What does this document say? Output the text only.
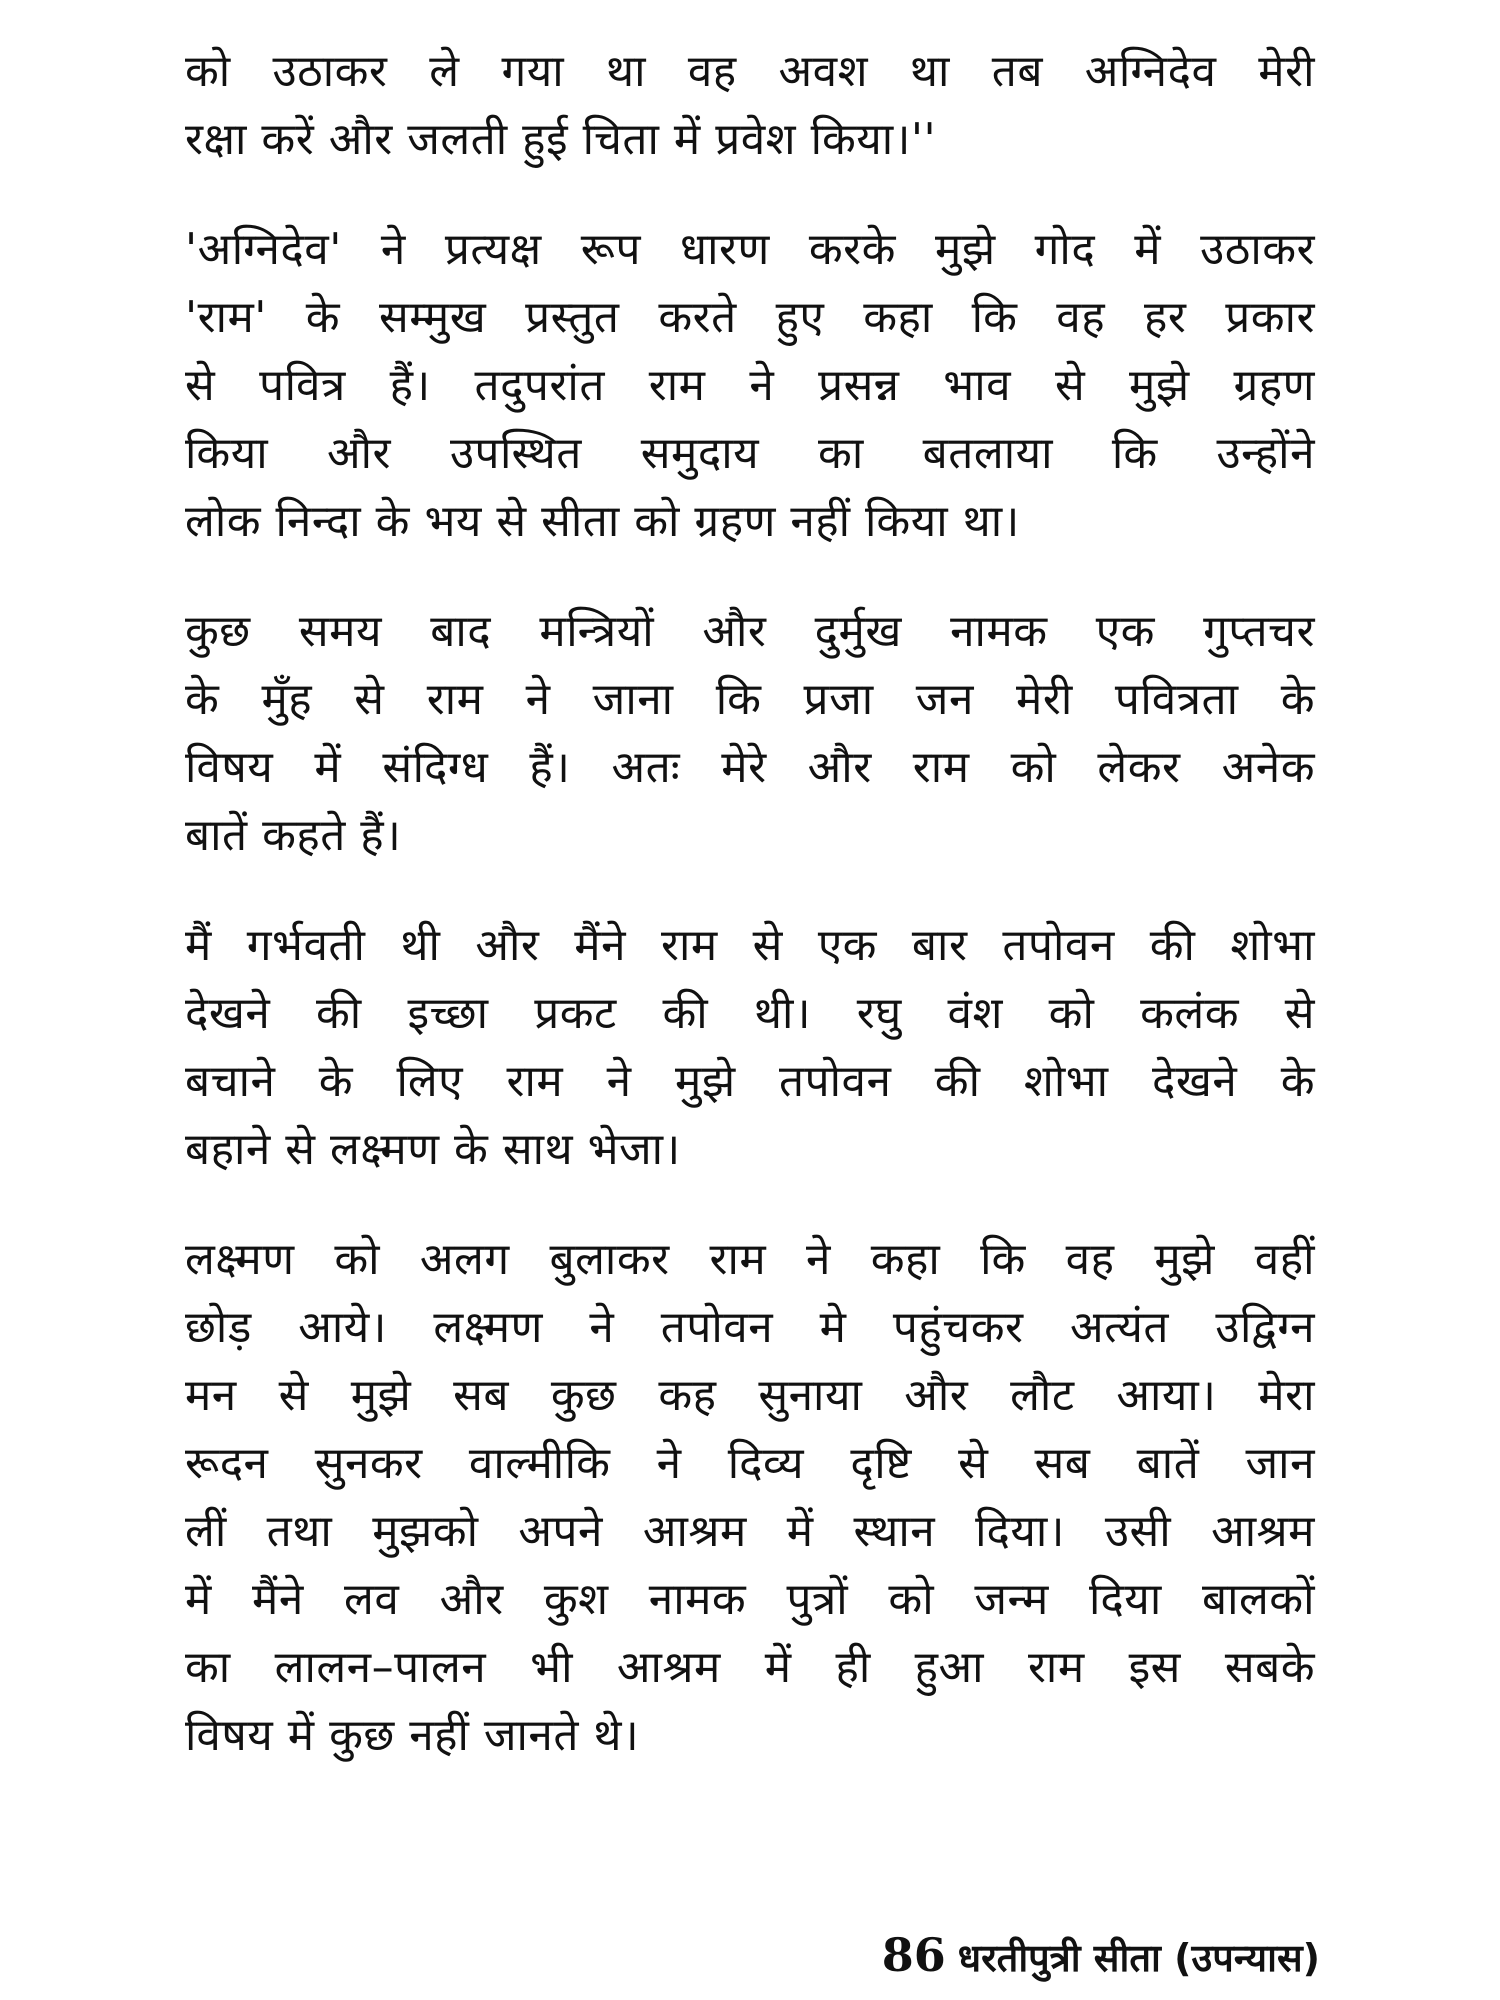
को उठाकर ले गया था वह अवश था तब अग्निदेव मेरी
रक्षा करें और जलती हुई चिता में प्रवेश किया।''

'अग्निदेव' ने प्रत्यक्ष रूप धारण करके मुझे गोद में उठाकर
'राम' के सम्मुख प्रस्तुत करते हुए कहा कि वह हर प्रकार
से पवित्र हैं। तदुपरांत राम ने प्रसन्न भाव से मुझे ग्रहण
किया और उपस्थित समुदाय का बतलाया कि उन्होंने
लोक निन्दा के भय से सीता को ग्रहण नहीं किया था।

कुछ समय बाद मन्त्रियों और दुर्मुख नामक एक गुप्तचर
के मुँह से राम ने जाना कि प्रजा जन मेरी पवित्रता के
विषय में संदिग्ध हैं। अतः मेरे और राम को लेकर अनेक
बातें कहते हैं।

मैं गर्भवती थी और मैंने राम से एक बार तपोवन की शोभा
देखने की इच्छा प्रकट की थी। रघु वंश को कलंक से
बचाने के लिए राम ने मुझे तपोवन की शोभा देखने के
बहाने से लक्ष्मण के साथ भेजा।

लक्ष्मण को अलग बुलाकर राम ने कहा कि वह मुझे वहीं
छोड़ आये। लक्ष्मण ने तपोवन मे पहुंचकर अत्यंत उद्विग्न
मन से मुझे सब कुछ कह सुनाया और लौट आया। मेरा
रूदन सुनकर वाल्मीकि ने दिव्य दृष्टि से सब बातें जान
लीं तथा मुझको अपने आश्रम में स्थान दिया। उसी आश्रम
में मैंने लव और कुश नामक पुत्रों को जन्म दिया बालकों
का लालन–पालन भी आश्रम में ही हुआ राम इस सबके
विषय में कुछ नहीं जानते थे।

86 धरतीपुत्री सीता (उपन्यास)
